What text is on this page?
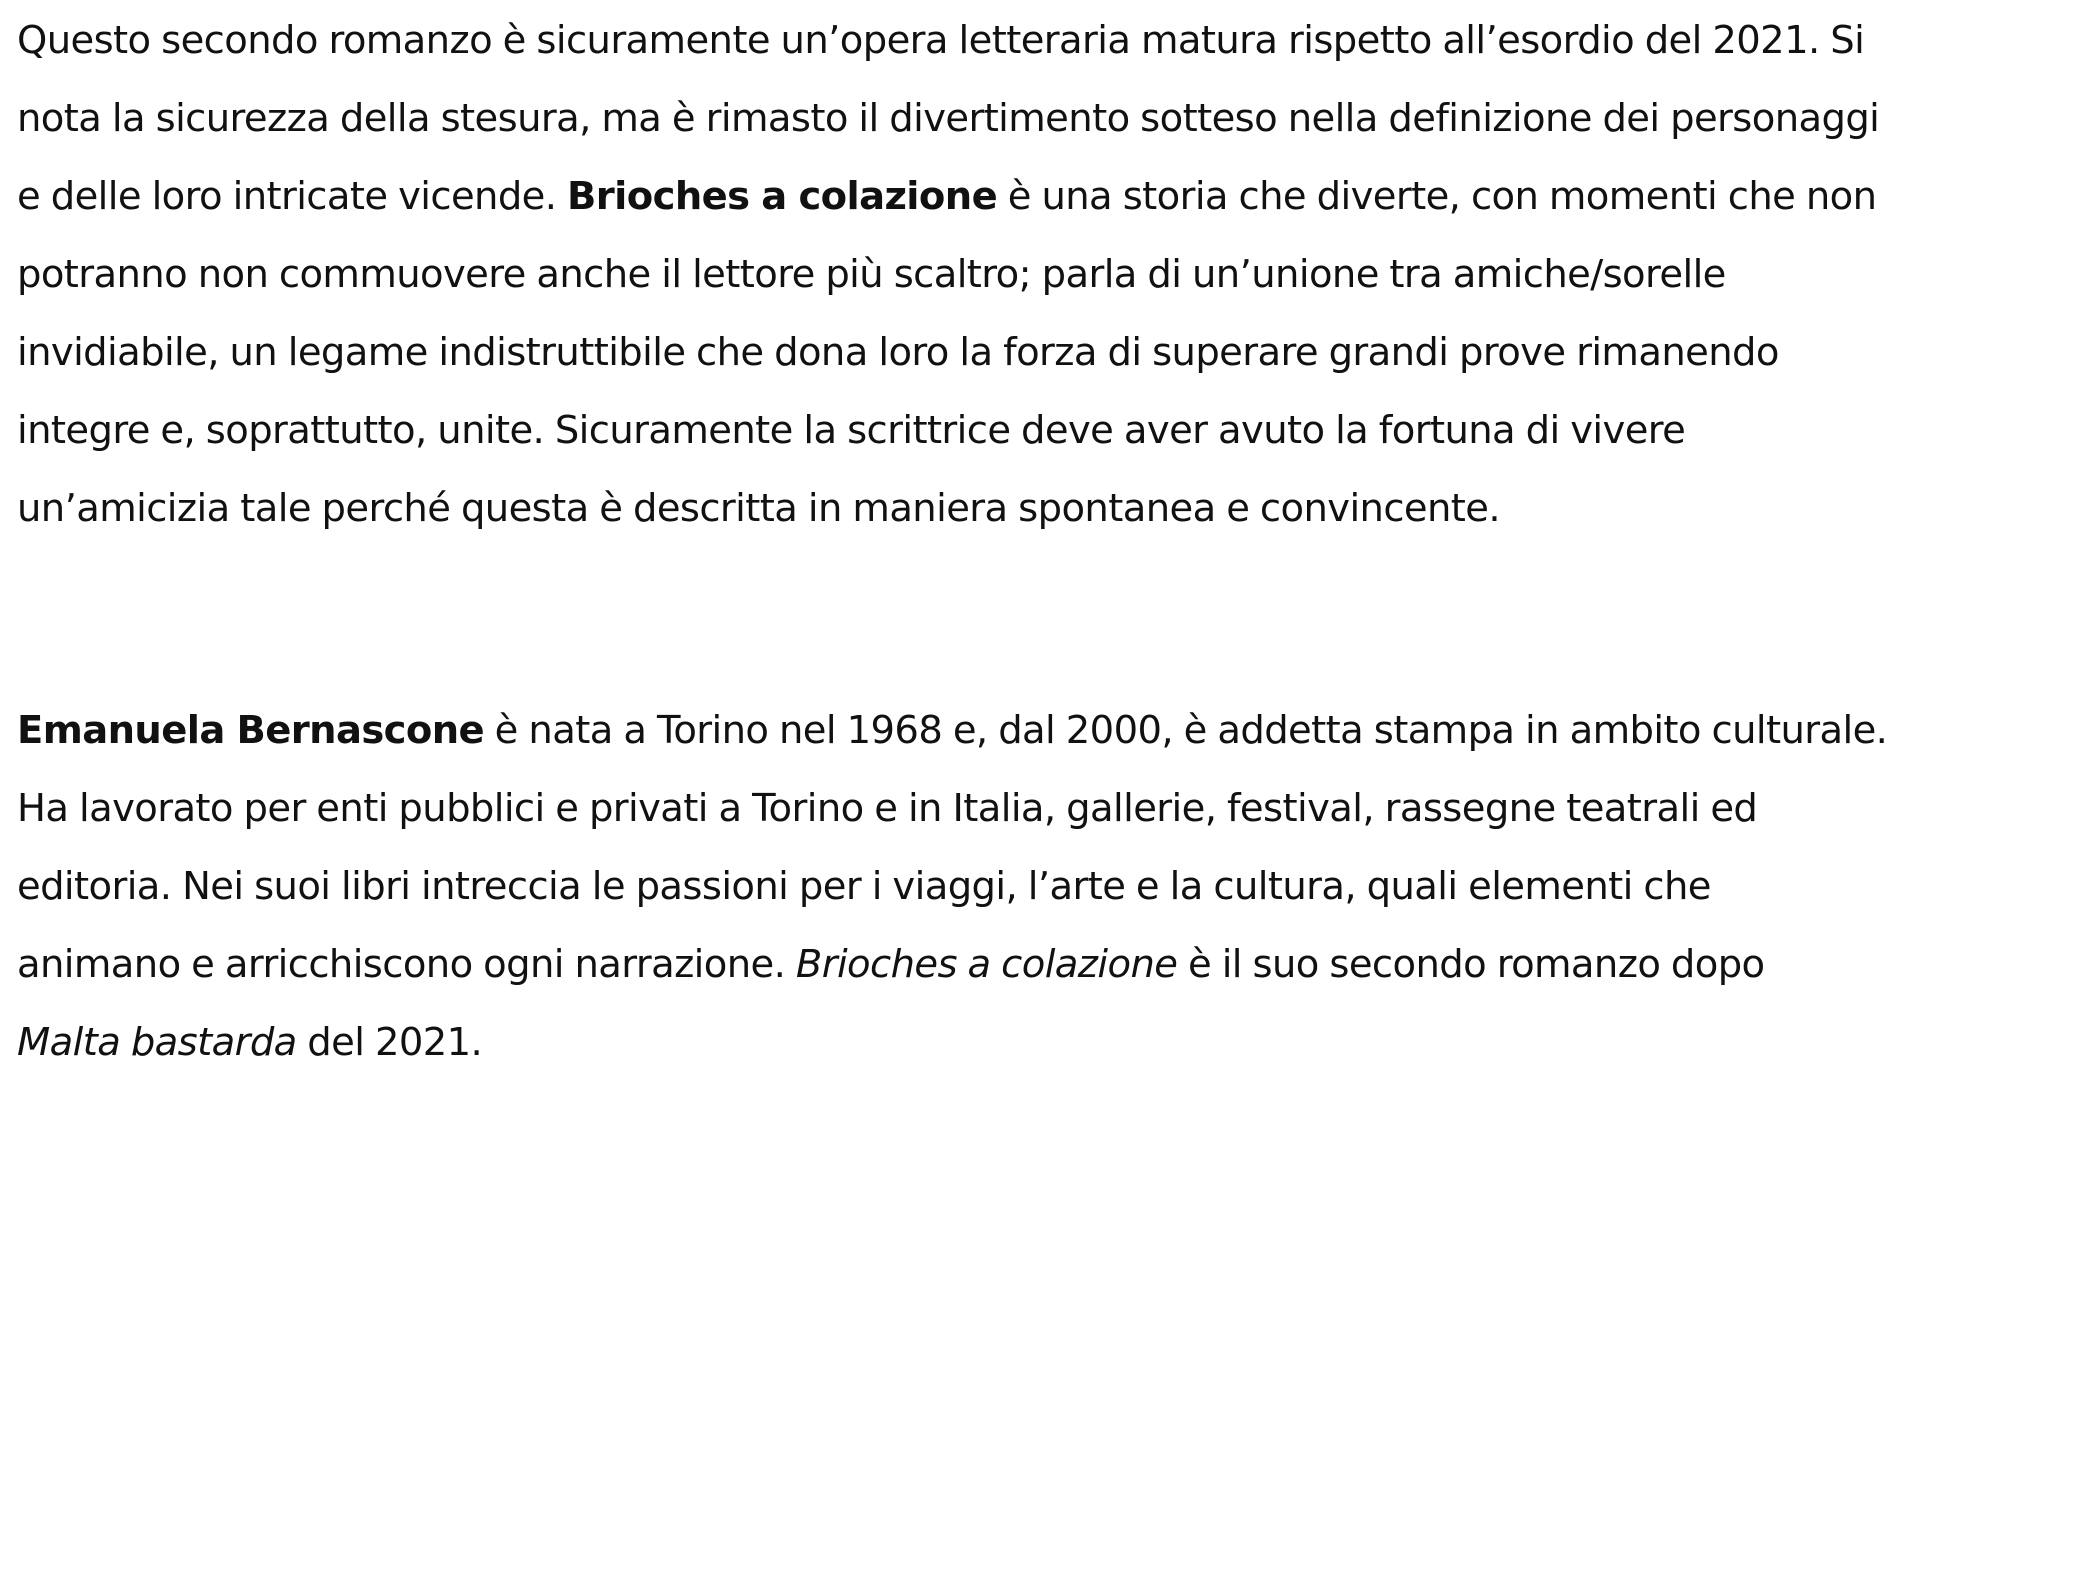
Questo secondo romanzo è sicuramente un’opera letteraria matura rispetto all’esordio del 2021. Si
nota la sicurezza della stesura, ma è rimasto il divertimento sotteso nella definizione dei personaggi
e delle loro intricate vicende. Brioches a colazione è una storia che diverte, con momenti che non
potranno non commuovere anche il lettore più scaltro; parla di un’unione tra amiche/sorelle
invidiabile, un legame indistruttibile che dona loro la forza di superare grandi prove rimanendo
integre e, soprattutto, unite. Sicuramente la scrittrice deve aver avuto la fortuna di vivere
un’amicizia tale perché questa è descritta in maniera spontanea e convincente.

Emanuela Bernascone è nata a Torino nel 1968 e, dal 2000, è addetta stampa in ambito culturale.
Ha lavorato per enti pubblici e privati a Torino e in Italia, gallerie, festival, rassegne teatrali ed
editoria. Nei suoi libri intreccia le passioni per i viaggi, l’arte e la cultura, quali elementi che
animano e arricchiscono ogni narrazione. Brioches a colazione è il suo secondo romanzo dopo
Malta bastarda del 2021.
